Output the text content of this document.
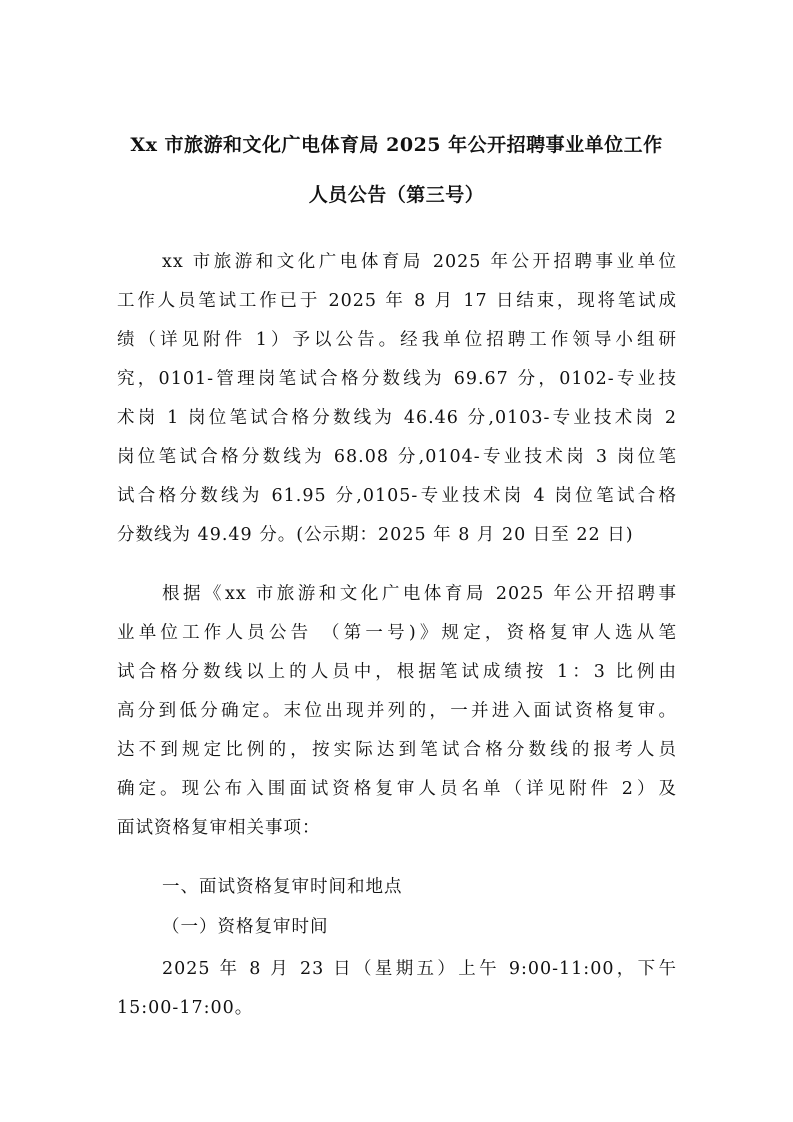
Xx 市旅游和文化广电体育局 2025 年公开招聘事业单位工作
人员公告（第三号）
xx 市旅游和文化广电体育局 2025 年公开招聘事业单位
工作人员笔试工作已于 2025 年 8 月 17 日结束，现将笔试成
绩（详见附件 1）予以公告。经我单位招聘工作领导小组研
究，0101-管理岗笔试合格分数线为 69.67 分，0102-专业技
术岗 1 岗位笔试合格分数线为 46.46 分,0103-专业技术岗 2
岗位笔试合格分数线为 68.08 分,0104-专业技术岗 3 岗位笔
试合格分数线为 61.95 分,0105-专业技术岗 4 岗位笔试合格
分数线为 49.49 分。(公示期：2025 年 8 月 20 日至 22 日)
根据《xx 市旅游和文化广电体育局 2025 年公开招聘事
业单位工作人员公告 （第一号)》规定，资格复审人选从笔
试合格分数线以上的人员中，根据笔试成绩按 1：3 比例由
高分到低分确定。末位出现并列的，一并进入面试资格复审。
达不到规定比例的，按实际达到笔试合格分数线的报考人员
确定。现公布入围面试资格复审人员名单（详见附件 2）及
面试资格复审相关事项：
一、面试资格复审时间和地点
（一）资格复审时间
2025 年 8 月 23 日（星期五）上午 9:00-11:00，下午
15:00-17:00。
